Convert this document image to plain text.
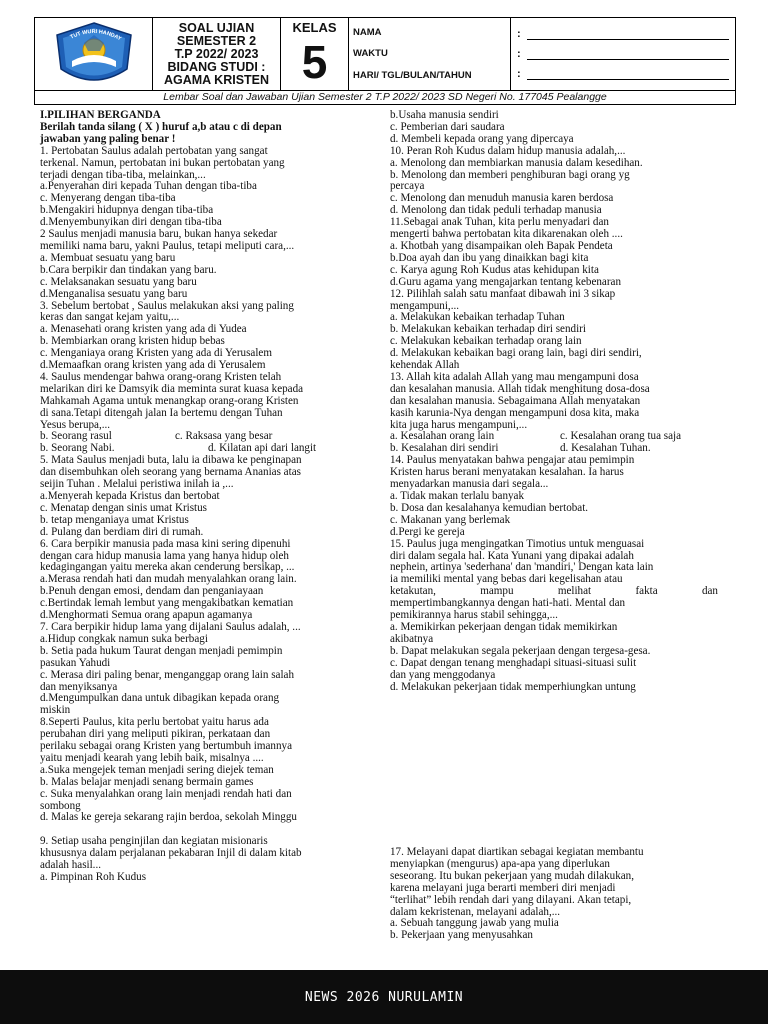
TUT WURI HANDAY
SOAL UJIAN
SEMESTER 2
T.P 2022/ 2023
BIDANG STUDI :
AGAMA KRISTEN
KELAS
5
NAMA
WAKTU
HARI/ TGL/BULAN/TAHUN
:
:
:
Lembar Soal dan Jawaban Ujian Semester 2 T.P 2022/ 2023 SD Negeri No. 177045 Pealangge

I.PILIHAN BERGANDA

Berilah tanda silang ( X ) huruf a,b atau c di depan

jawaban yang paling benar !

1. Pertobatan Saulus adalah pertobatan yang sangat

terkenal. Namun, pertobatan ini bukan pertobatan yang

terjadi dengan tiba-tiba, melainkan,...

a.Penyerahan diri kepada Tuhan dengan tiba-tiba

c. Menyerang dengan tiba-tiba

b.Mengakiri hidupnya dengan tiba-tiba

d.Menyembunyikan diri dengan tiba-tiba

2 Saulus menjadi manusia baru, bukan hanya sekedar

memiliki nama baru, yakni Paulus, tetapi meliputi cara,...

a. Membuat sesuatu yang baru

b.Cara berpikir dan tindakan yang baru.

c. Melaksanakan sesuatu yang baru

d.Menganalisa sesuatu yang baru

3. Sebelum bertobat , Saulus melakukan aksi yang paling

keras dan sangat kejam yaitu,...

a. Menasehati orang kristen yang ada di Yudea

b. Membiarkan orang kristen hidup bebas

c. Menganiaya orang Kristen yang ada di Yerusalem

d.Memaafkan orang kristen yang ada di Yerusalem

4. Saulus mendengar bahwa orang-orang Kristen telah

melarikan diri ke Damsyik dia meminta surat kuasa kepada

Mahkamah Agama untuk menangkap orang-orang Kristen

di sana.Tetapi ditengah jalan Ia bertemu dengan Tuhan

Yesus berupa,...

b. Seorang rasul	c. Raksasa yang besar
b. Seorang Nabi.	d. Kilatan api dari langit

5. Mata Saulus menjadi buta, lalu ia dibawa ke penginapan

dan disembuhkan oleh seorang yang bernama Ananias atas

seijin Tuhan . Melalui peristiwa inilah ia ,...

a.Menyerah kepada Kristus dan bertobat

c. Menatap dengan sinis umat Kristus

b. tetap menganiaya umat Kristus

d. Pulang dan berdiam diri di rumah.

6. Cara berpikir manusia pada masa kini sering dipenuhi

dengan cara hidup manusia lama yang hanya hidup oleh

kedagingangan yaitu mereka akan cenderung bersikap, ...

a.Merasa rendah hati dan mudah menyalahkan orang lain.

b.Penuh dengan emosi, dendam dan penganiayaan

c.Bertindak lemah lembut yang mengakibatkan kematian

d.Menghormati Semua orang apapun agamanya

7. Cara berpikir hidup lama yang dijalani Saulus adalah, ...

a.Hidup congkak namun suka berbagi

b. Setia pada hukum Taurat dengan menjadi pemimpin

pasukan Yahudi

c. Merasa diri paling benar, menganggap orang lain salah

dan menyiksanya

d.Mengumpulkan dana untuk dibagikan kepada orang

miskin

8.Seperti Paulus, kita perlu bertobat yaitu harus ada

perubahan diri yang meliputi pikiran, perkataan dan

perilaku sebagai orang Kristen yang bertumbuh imannya

yaitu menjadi kearah yang lebih baik, misalnya ....

a.Suka mengejek teman menjadi sering diejek teman

b. Malas belajar menjadi senang bermain games

c. Suka menyalahkan orang lain menjadi rendah hati dan

sombong

d. Malas ke gereja sekarang rajin berdoa, sekolah Minggu

9. Setiap usaha penginjilan dan kegiatan misionaris

khususnya dalam perjalanan pekabaran Injil di dalam kitab

adalah hasil...

a. Pimpinan Roh Kudus

b.Usaha manusia sendiri

c. Pemberian dari saudara

d. Membeli kepada orang yang dipercaya

10. Peran Roh Kudus dalam hidup manusia adalah,...

a. Menolong dan membiarkan manusia dalam kesedihan.

b. Menolong dan memberi penghiburan bagi orang yg

percaya

c. Menolong dan menuduh manusia karen berdosa

d. Menolong dan tidak peduli terhadap manusia

11.Sebagai anak Tuhan, kita perlu menyadari dan

mengerti bahwa pertobatan kita dikarenakan oleh ....

a. Khotbah yang disampaikan oleh Bapak Pendeta

b.Doa ayah dan ibu yang dinaikkan bagi kita

c. Karya agung Roh Kudus atas kehidupan kita

d.Guru agama yang mengajarkan tentang kebenaran

12. Pilihlah salah satu manfaat dibawah ini 3 sikap

mengampuni,...

a. Melakukan kebaikan terhadap Tuhan

b. Melakukan kebaikan terhadap diri sendiri

c. Melakukan kebaikan terhadap orang lain

d. Melakukan kebaikan bagi orang lain, bagi diri sendiri,

kehendak Allah

13. Allah kita adalah Allah yang mau mengampuni dosa

dan kesalahan manusia. Allah tidak menghitung dosa-dosa

dan kesalahan manusia. Sebagaimana Allah menyatakan

kasih karunia-Nya dengan mengampuni dosa kita, maka

kita juga harus mengampuni,...

a. Kesalahan orang lain	c. Kesalahan orang tua saja
b. Kesalahan diri sendiri	d. Kesalahan Tuhan.

14. Paulus menyatakan bahwa pengajar atau pemimpin

Kristen harus berani menyatakan kesalahan. Ia harus

menyadarkan manusia dari segala...

a. Tidak makan terlalu banyak

b. Dosa dan kesalahanya kemudian bertobat.

c. Makanan yang berlemak

d.Pergi ke gereja

15. Paulus juga mengingatkan Timotius untuk menguasai

diri dalam segala hal. Kata Yunani yang dipakai adalah

nephein, artinya 'sederhana' dan 'mandiri,' Dengan kata lain

ia memiliki mental yang bebas dari kegelisahan atau

ketakutan,	mampu	melihat	fakta	dan

mempertimbangkannya dengan hati-hati. Mental dan

pemikirannya harus stabil sehingga,...

a. Memikirkan pekerjaan dengan tidak memikirkan

akibatnya

b. Dapat melakukan segala pekerjaan dengan tergesa-gesa.

c. Dapat dengan tenang menghadapi situasi-situasi sulit

dan yang menggodanya

d. Melakukan pekerjaan tidak memperhiungkan untung

17. Melayani dapat diartikan sebagai kegiatan membantu

menyiapkan (mengurus) apa-apa yang diperlukan

seseorang. Itu bukan pekerjaan yang mudah dilakukan,

karena melayani juga berarti memberi diri menjadi

“terlihat” lebih rendah dari yang dilayani. Akan tetapi,

dalam kekristenan, melayani adalah,...

a. Sebuah tanggung jawab yang mulia

b. Pekerjaan yang menyusahkan

NEWS 2026 NURULAMIN
